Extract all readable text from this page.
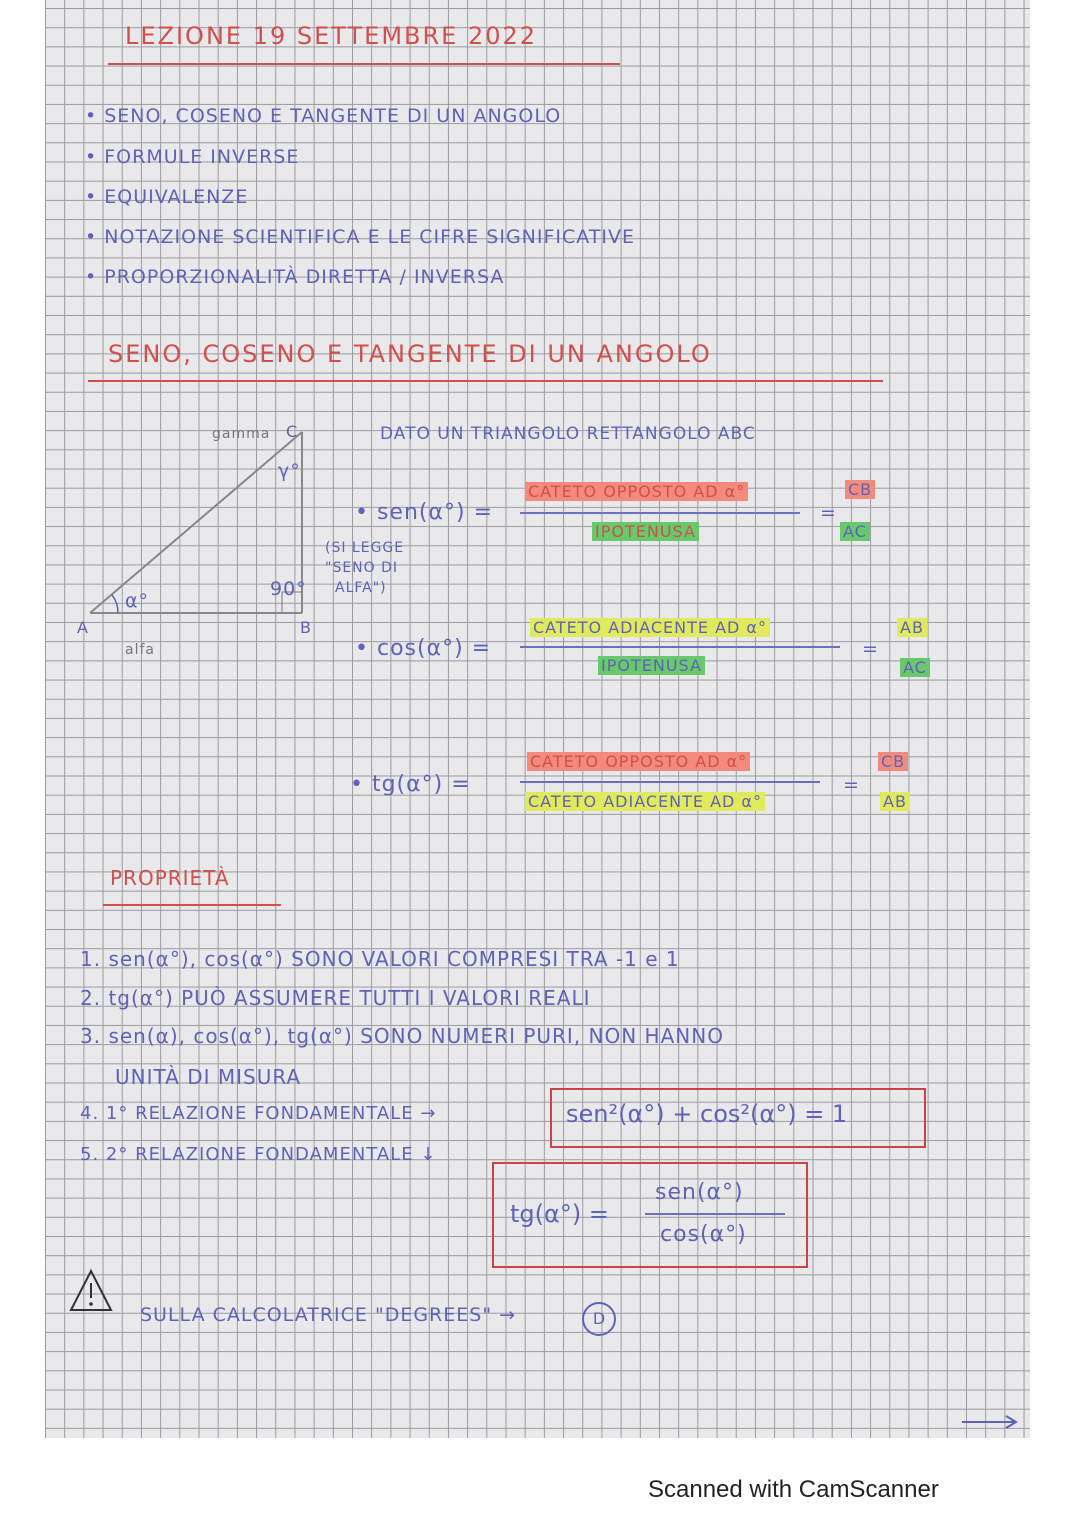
LEZIONE 19 SETTEMBRE 2022
• SENO, COSENO E TANGENTE DI UN ANGOLO
• FORMULE INVERSE
• EQUIVALENZE
• NOTAZIONE SCIENTIFICA E LE CIFRE SIGNIFICATIVE
• PROPORZIONALITÀ DIRETTA / INVERSA
SENO, COSENO E TANGENTE DI UN ANGOLO
gamma C
γ°
90°
α°
A	B
alfa
DATO UN TRIANGOLO RETTANGOLO ABC
(SI LEGGE
"SENO DI
ALFA")
• sen(α°) =
CATETO OPPOSTO AD α°
IPOTENUSA
=
CB
AC
• cos(α°) =
CATETO ADIACENTE AD α°
IPOTENUSA
=
AB
AC
• tg(α°) =
CATETO OPPOSTO AD α°
CATETO ADIACENTE AD α°
=
CB
AB
PROPRIETÀ
1. sen(α°), cos(α°) SONO VALORI COMPRESI TRA -1 e 1
2. tg(α°) PUÒ ASSUMERE TUTTI I VALORI REALI
3. sen(α), cos(α°), tg(α°) SONO NUMERI PURI, NON HANNO
UNITÀ DI MISURA
4. 1° RELAZIONE FONDAMENTALE →
5. 2° RELAZIONE FONDAMENTALE ↓
sen²(α°) + cos²(α°) = 1
tg(α°) =
sen(α°)
cos(α°)
SULLA CALCOLATRICE "DEGREES" →	D
Scanned with CamScanner
